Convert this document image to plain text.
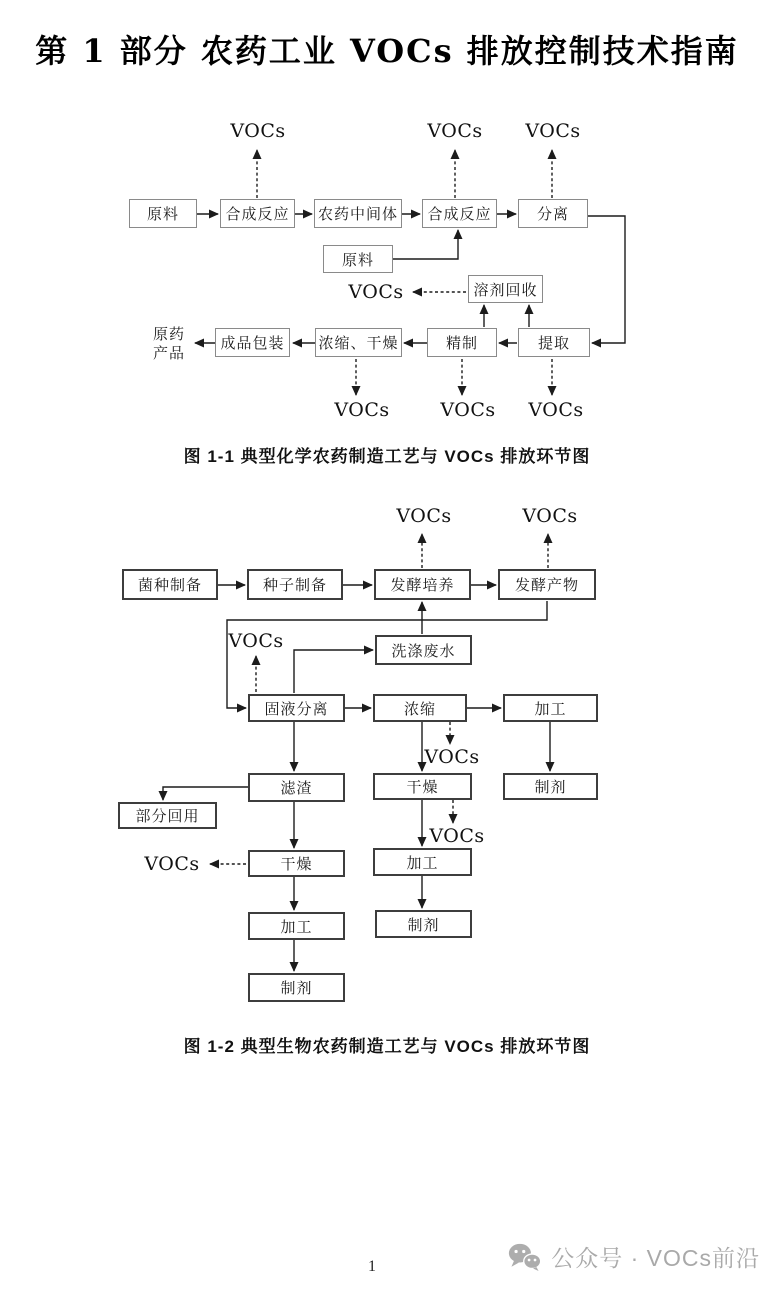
第 1 部分 农药工业 VOCs 排放控制技术指南
原料	合成反应	农药中间体	合成反应	分离
原料
溶剂回收
原药产品
成品包装	浓缩、干燥	精制	提取
VOCs	VOCs VOCs
VOCs
VOCs	VOCs VOCs
图 1-1 典型化学农药制造工艺与 VOCs 排放环节图
菌种制备	种子制备	发酵培养	发酵产物
洗涤废水
固液分离	浓缩	加工
滤渣	干燥	制剂
部分回用
干燥	加工
制剂
加工
制剂
VOCs	VOCs
VOCs
VOCs
VOCs
VOCs
图 1-2 典型生物农药制造工艺与 VOCs 排放环节图
1	公众号 · VOCs前沿
